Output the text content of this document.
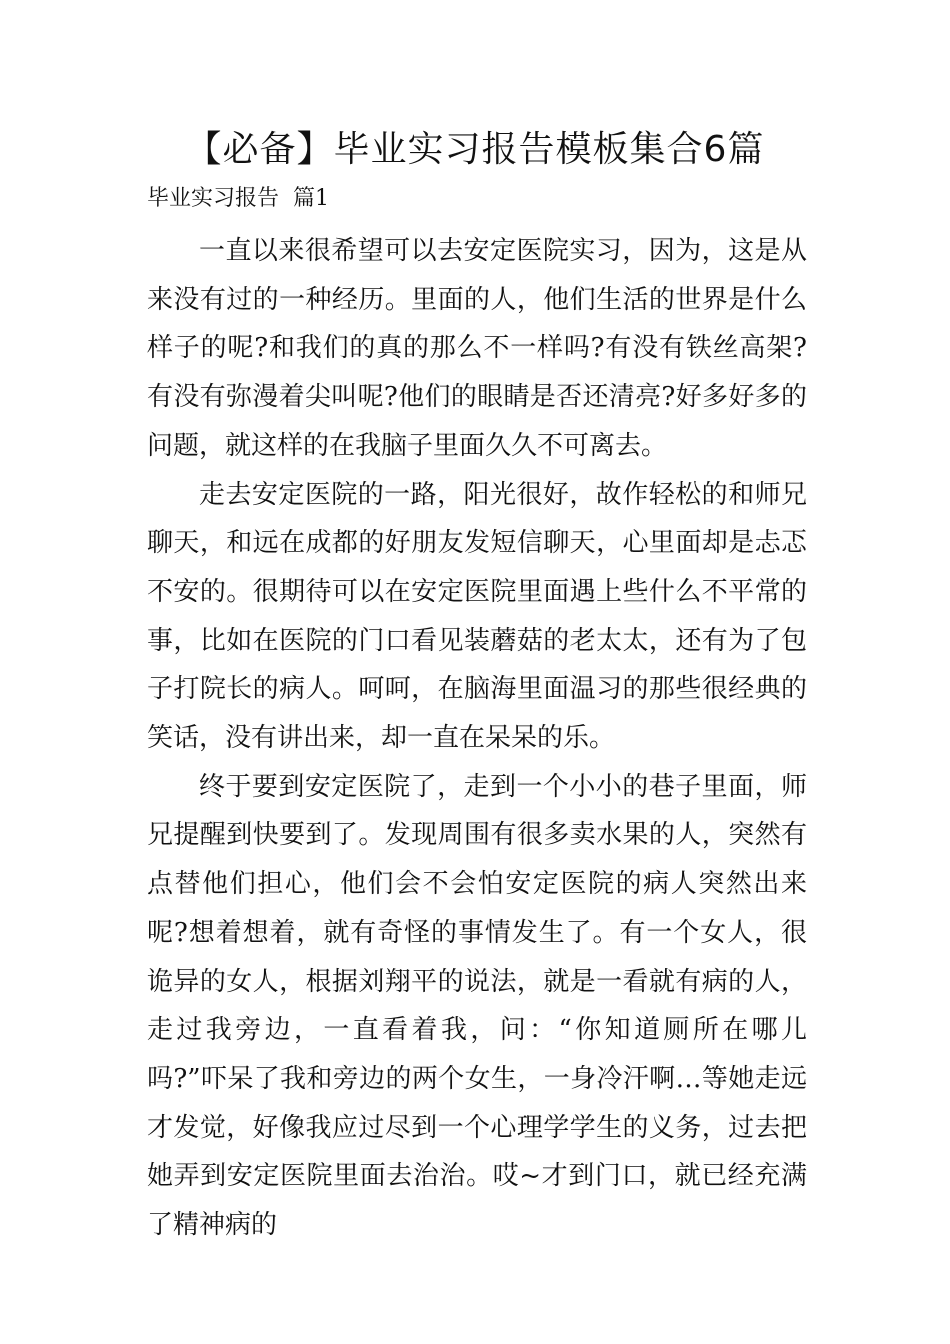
【必备】毕业实习报告模板集合6篇
毕业实习报告  篇1

一直以来很希望可以去安定医院实习，因为，这是从来没有过的一种经历。里面的人，他们生活的世界是什么样子的呢?和我们的真的那么不一样吗?有没有铁丝高架?有没有弥漫着尖叫呢?他们的眼睛是否还清亮?好多好多的问题，就这样的在我脑子里面久久不可离去。

走去安定医院的一路，阳光很好，故作轻松的和师兄聊天，和远在成都的好朋友发短信聊天，心里面却是忐忑不安的。很期待可以在安定医院里面遇上些什么不平常的事，比如在医院的门口看见装蘑菇的老太太，还有为了包子打院长的病人。呵呵，在脑海里面温习的那些很经典的笑话，没有讲出来，却一直在呆呆的乐。

终于要到安定医院了，走到一个小小的巷子里面，师兄提醒到快要到了。发现周围有很多卖水果的人，突然有点替他们担心，他们会不会怕安定医院的病人突然出来呢?想着想着，就有奇怪的事情发生了。有一个女人，很诡异的女人，根据刘翔平的说法，就是一看就有病的人，走过我旁边，一直看着我，问：“你知道厕所在哪儿吗?”吓呆了我和旁边的两个女生，一身冷汗啊…等她走远才发觉，好像我应过尽到一个心理学学生的义务，过去把她弄到安定医院里面去治治。哎~才到门口，就已经充满了精神病的
